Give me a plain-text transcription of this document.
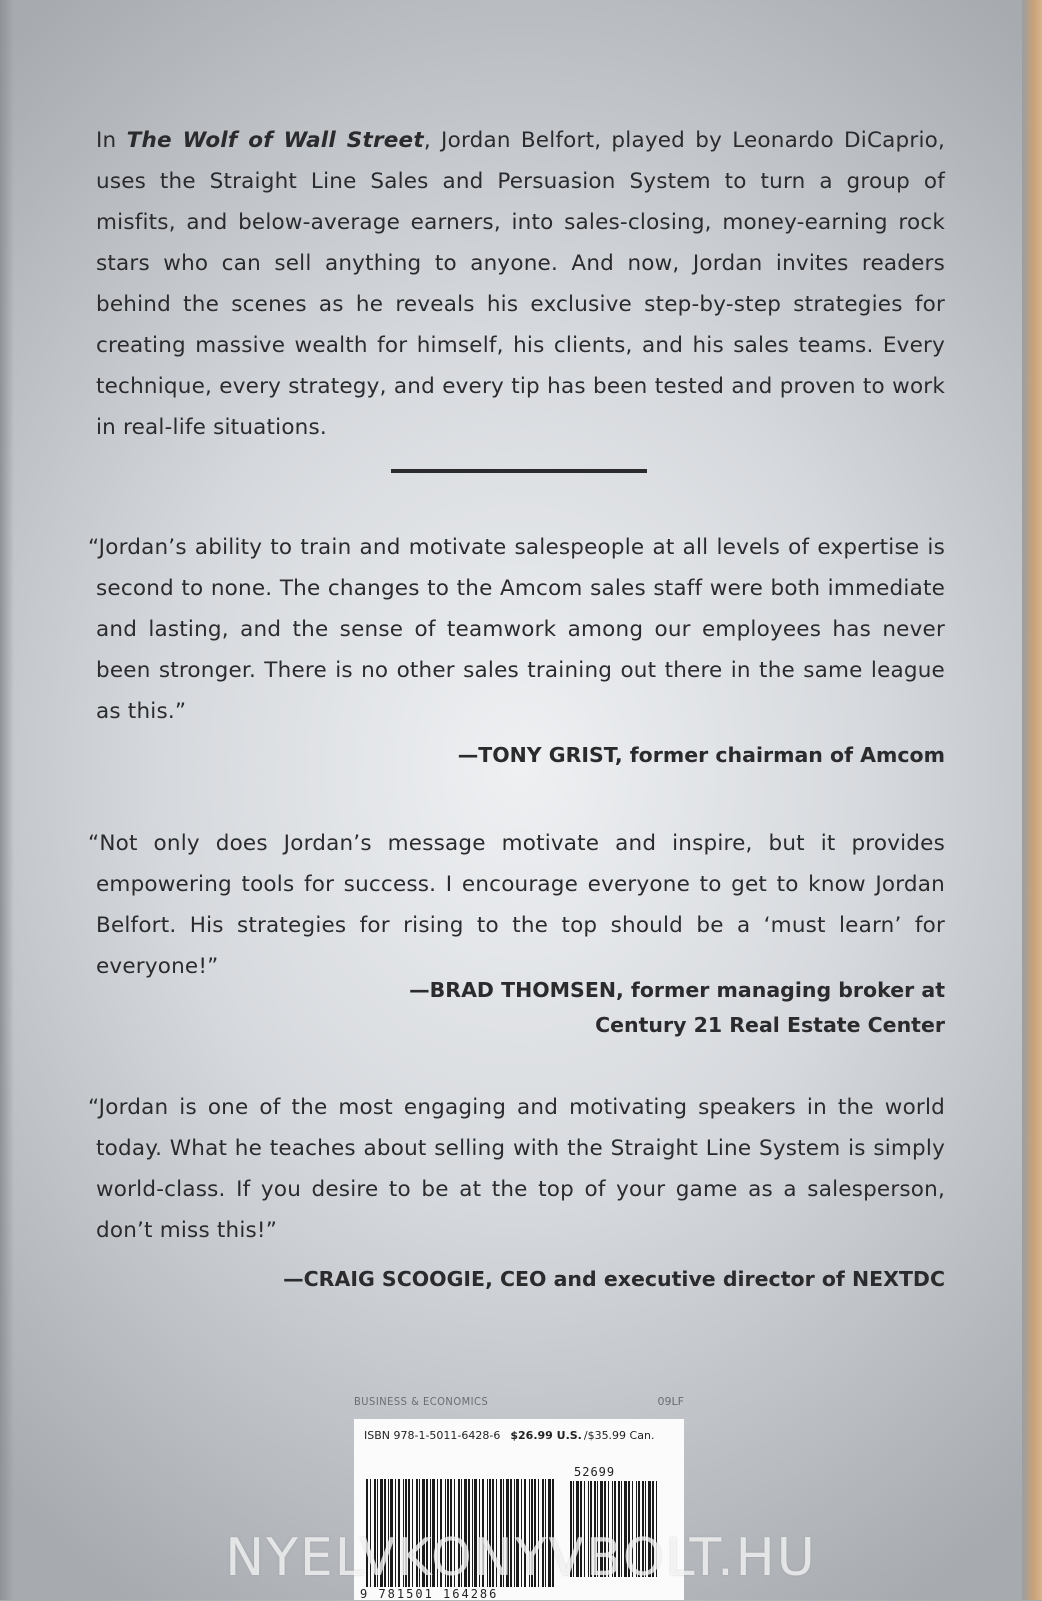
In The Wolf of Wall Street, Jordan Belfort, played by Leonardo DiCaprio, uses the Straight Line Sales and Persuasion System to turn a group of misfits, and below-average earners, into sales-closing, money-earning rock stars who can sell anything to anyone. And now, Jordan invites readers behind the scenes as he reveals his exclusive step-by-step strategies for creating massive wealth for himself, his clients, and his sales teams. Every technique, every strategy, and every tip has been tested and proven to work in real-life situations.
“Jordan’s ability to train and motivate salespeople at all levels of expertise is second to none. The changes to the Amcom sales staff were both immediate and lasting, and the sense of teamwork among our employees has never been stronger. There is no other sales training out there in the same league as this.”
—TONY GRIST, former chairman of Amcom
“Not only does Jordan’s message motivate and inspire, but it provides empowering tools for success. I encourage everyone to get to know Jordan Belfort. His strategies for rising to the top should be a ‘must learn’ for everyone!”
—BRAD THOMSEN, former managing broker at
Century 21 Real Estate Center
“Jordan is one of the most engaging and motivating speakers in the world today. What he teaches about selling with the Straight Line System is simply world-class. If you desire to be at the top of your game as a salesperson, don’t miss this!”
—CRAIG SCOOGIE, CEO and executive director of NEXTDC
BUSINESS & ECONOMICS	09LF
ISBN 978-1-5011-6428-6 $26.99 U.S. /$35.99 Can.
52699
9 781501 164286
NYELVKONYVBOLT.HU
